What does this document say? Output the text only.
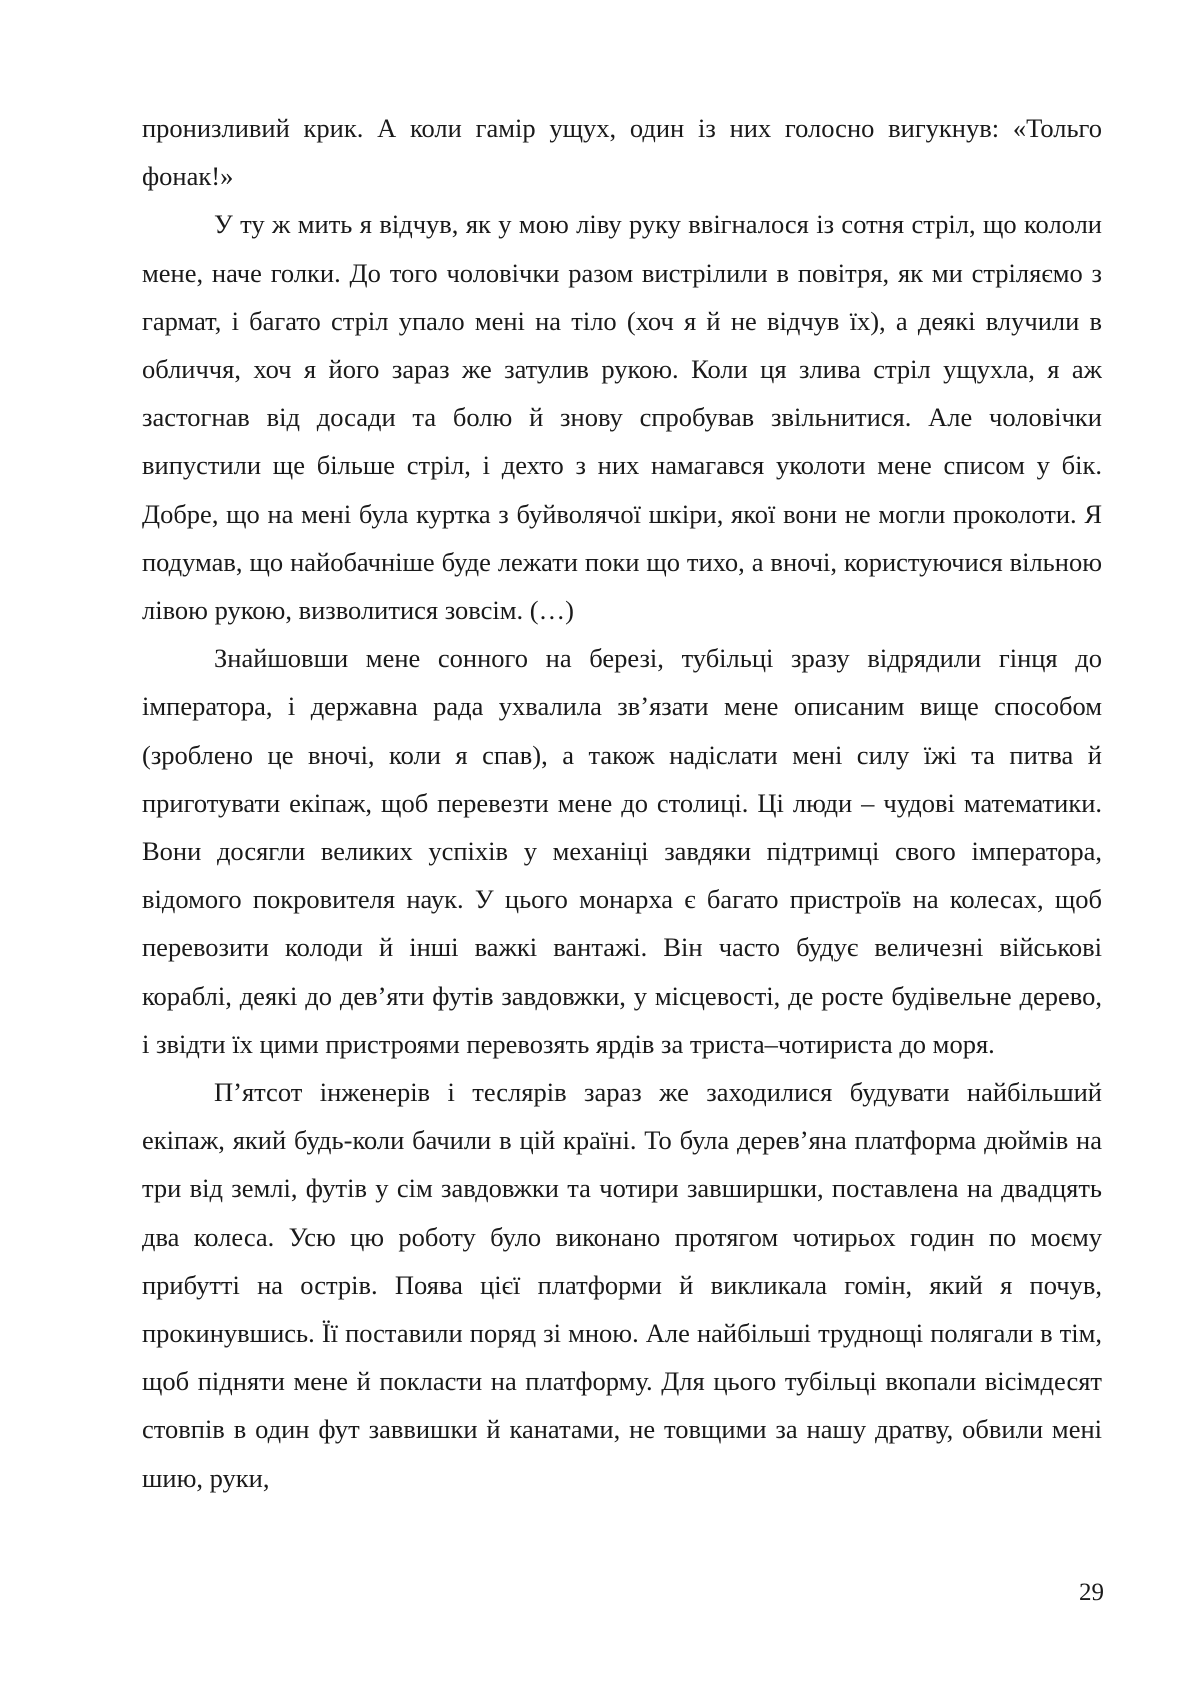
пронизливий крик. А коли гамір ущух, один із них голосно вигукнув: «Тольго фонак!»

У ту ж мить я відчув, як у мою ліву руку ввігналося із сотня стріл, що кололи мене, наче голки. До того чоловічки разом вистрілили в повітря, як ми стріляємо з гармат, і багато стріл упало мені на тіло (хоч я й не відчув їх), а деякі влучили в обличчя, хоч я його зараз же затулив рукою. Коли ця злива стріл ущухла, я аж застогнав від досади та болю й знову спробував звільнитися. Але чоловічки випустили ще більше стріл, і дехто з них намагався уколоти мене списом у бік. Добре, що на мені була куртка з буйволячої шкіри, якої вони не могли проколоти. Я подумав, що найобачніше буде лежати поки що тихо, а вночі, користуючися вільною лівою рукою, визволитися зовсім. (…)

Знайшовши мене сонного на березі, тубільці зразу відрядили гінця до імператора, і державна рада ухвалила зв’язати мене описаним вище способом (зроблено це вночі, коли я спав), а також надіслати мені силу їжі та питва й приготувати екіпаж, щоб перевезти мене до столиці. Ці люди – чудові математики. Вони досягли великих успіхів у механіці завдяки підтримці свого імператора, відомого покровителя наук. У цього монарха є багато пристроїв на колесах, щоб перевозити колоди й інші важкі вантажі. Він часто будує величезні військові кораблі, деякі до дев’яти футів завдовжки, у місцевості, де росте будівельне дерево, і звідти їх цими пристроями перевозять ярдів за триста–чотириста до моря.

П’ятсот інженерів і теслярів зараз же заходилися будувати найбільший екіпаж, який будь-коли бачили в цій країні. То була дерев’яна платформа дюймів на три від землі, футів у сім завдовжки та чотири завширшки, поставлена на двадцять два колеса. Усю цю роботу було виконано протягом чотирьох годин по моєму прибутті на острів. Поява цієї платформи й викликала гомін, який я почув, прокинувшись. Її поставили поряд зі мною. Але найбільші труднощі полягали в тім, щоб підняти мене й покласти на платформу. Для цього тубільці вкопали вісімдесят стовпів в один фут заввишки й канатами, не товщими за нашу дратву, обвили мені шию, руки,

29
